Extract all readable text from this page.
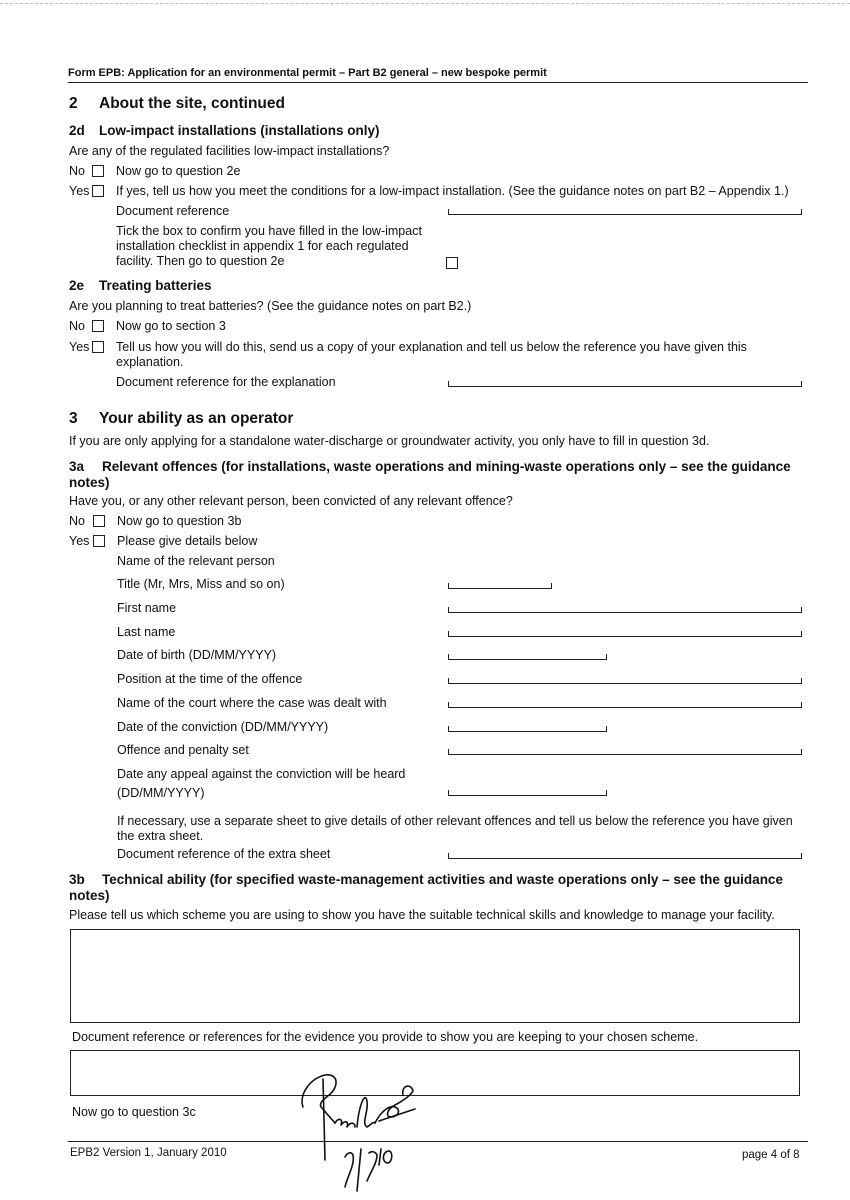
Form EPB: Application for an environmental permit – Part B2 general – new bespoke permit
2 About the site, continued
2d Low-impact installations (installations only)
Are any of the regulated facilities low-impact installations?
No Now go to question 2e
Yes If yes, tell us how you meet the conditions for a low-impact installation. (See the guidance notes on part B2 – Appendix 1.)
Document reference
Tick the box to confirm you have filled in the low-impact installation checklist in appendix 1 for each regulated facility. Then go to question 2e
2e Treating batteries
Are you planning to treat batteries? (See the guidance notes on part B2.)
No Now go to section 3
Yes Tell us how you will do this, send us a copy of your explanation and tell us below the reference you have given this explanation.
Document reference for the explanation
3 Your ability as an operator
If you are only applying for a standalone water-discharge or groundwater activity, you only have to fill in question 3d.
3a	Relevant offences (for installations, waste operations and mining-waste operations only – see the guidance notes)
Have you, or any other relevant person, been convicted of any relevant offence?
No	Now go to question 3b
Yes Please give details below
Name of the relevant person
Title (Mr, Mrs, Miss and so on)
First name
Last name
Date of birth (DD/MM/YYYY)
Position at the time of the offence
Name of the court where the case was dealt with
Date of the conviction (DD/MM/YYYY)
Offence and penalty set
Date any appeal against the conviction will be heard
(DD/MM/YYYY)
If necessary, use a separate sheet to give details of other relevant offences and tell us below the reference you have given the extra sheet.
Document reference of the extra sheet
Technical ability (for specified waste-management activities and waste operations only – see the guidance notes)
3b
Please tell us which scheme you are using to show you have the suitable technical skills and knowledge to manage your facility.
Document reference or references for the evidence you provide to show you are keeping to your chosen scheme.
Now go to question 3c
EPB2 Version 1, January 2010	page 4 of 8
